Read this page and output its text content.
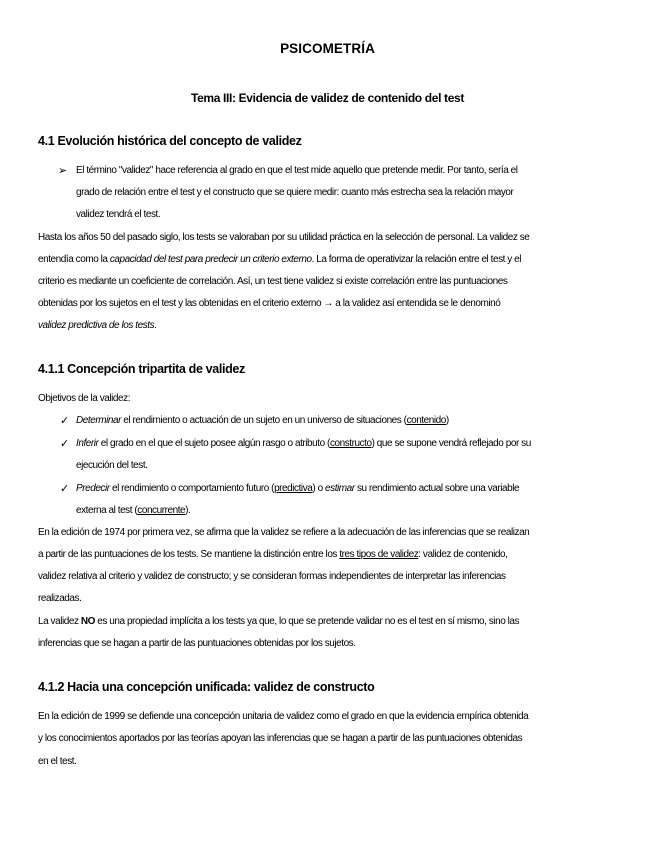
PSICOMETRÍA
Tema III: Evidencia de validez de contenido del test
4.1 Evolución histórica del concepto de validez
➢ El término "validez" hace referencia al grado en que el test mide aquello que pretende medir. Por tanto, sería el
grado de relación entre el test y el constructo que se quiere medir: cuanto más estrecha sea la relación mayor
validez tendrá el test.
Hasta los años 50 del pasado siglo, los tests se valoraban por su utilidad práctica en la selección de personal. La validez se
entendía como la capacidad del test para predecir un criterio externo. La forma de operativizar la relación entre el test y el
criterio es mediante un coeficiente de correlación. Así, un test tiene validez si existe correlación entre las puntuaciones
obtenidas por los sujetos en el test y las obtenidas en el criterio externo → a la validez así entendida se le denominó
validez predictiva de los tests.
4.1.1 Concepción tripartita de validez
Objetivos de la validez:
✓ Determinar el rendimiento o actuación de un sujeto en un universo de situaciones (contenido)
✓ Inferir el grado en el que el sujeto posee algún rasgo o atributo (constructo) que se supone vendrá reflejado por su
ejecución del test.
✓ Predecir el rendimiento o comportamiento futuro (predictiva) o estimar su rendimiento actual sobre una variable
externa al test (concurrente).
En la edición de 1974 por primera vez, se afirma que la validez se refiere a la adecuación de las inferencias que se realizan
a partir de las puntuaciones de los tests. Se mantiene la distinción entre los tres tipos de validez: validez de contenido,
validez relativa al criterio y validez de constructo; y se consideran formas independientes de interpretar las inferencias
realizadas.
La validez NO es una propiedad implícita a los tests ya que, lo que se pretende validar no es el test en sí mismo, sino las
inferencias que se hagan a partir de las puntuaciones obtenidas por los sujetos.
4.1.2 Hacia una concepción unificada: validez de constructo
En la edición de 1999 se defiende una concepción unitaria de validez como el grado en que la evidencia empírica obtenida
y los conocimientos aportados por las teorías apoyan las inferencias que se hagan a partir de las puntuaciones obtenidas
en el test.
